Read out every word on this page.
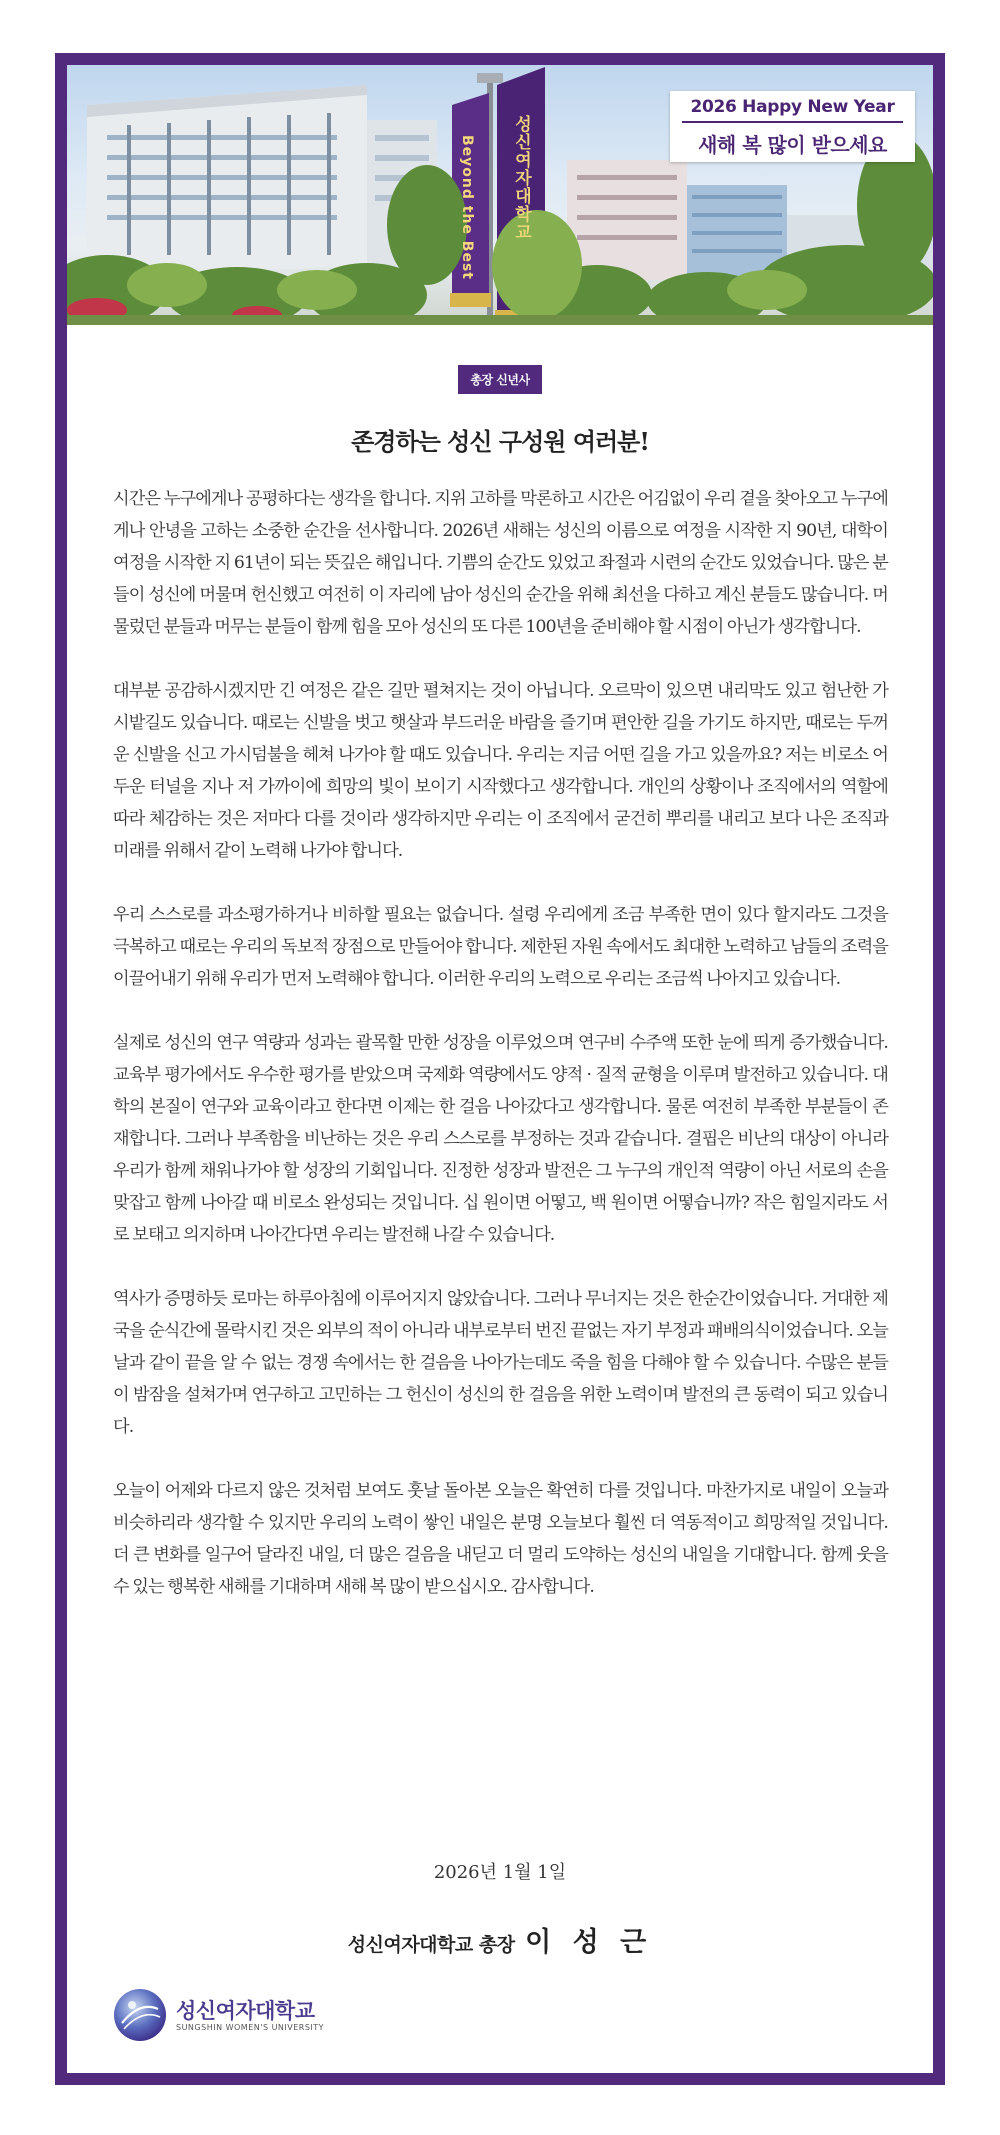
Beyond the Best 성신여자대학교
2026 Happy New Year
새해 복 많이 받으세요
총장 신년사
존경하는 성신 구성원 여러분!

시간은 누구에게나 공평하다는 생각을 합니다. 지위 고하를 막론하고 시간은 어김없이 우리 곁을 찾아오고 누구에게나 안녕을 고하는 소중한 순간을 선사합니다. 2026년 새해는 성신의 이름으로 여정을 시작한 지 90년, 대학이 여정을 시작한 지 61년이 되는 뜻깊은 해입니다. 기쁨의 순간도 있었고 좌절과 시련의 순간도 있었습니다. 많은 분들이 성신에 머물며 헌신했고 여전히 이 자리에 남아 성신의 순간을 위해 최선을 다하고 계신 분들도 많습니다. 머물렀던 분들과 머무는 분들이 함께 힘을 모아 성신의 또 다른 100년을 준비해야 할 시점이 아닌가 생각합니다.

대부분 공감하시겠지만 긴 여정은 같은 길만 펼쳐지는 것이 아닙니다. 오르막이 있으면 내리막도 있고 험난한 가시밭길도 있습니다. 때로는 신발을 벗고 햇살과 부드러운 바람을 즐기며 편안한 길을 가기도 하지만, 때로는 두꺼운 신발을 신고 가시덤불을 헤쳐 나가야 할 때도 있습니다. 우리는 지금 어떤 길을 가고 있을까요? 저는 비로소 어두운 터널을 지나 저 가까이에 희망의 빛이 보이기 시작했다고 생각합니다. 개인의 상황이나 조직에서의 역할에 따라 체감하는 것은 저마다 다를 것이라 생각하지만 우리는 이 조직에서 굳건히 뿌리를 내리고 보다 나은 조직과 미래를 위해서 같이 노력해 나가야 합니다.

우리 스스로를 과소평가하거나 비하할 필요는 없습니다. 설령 우리에게 조금 부족한 면이 있다 할지라도 그것을 극복하고 때로는 우리의 독보적 장점으로 만들어야 합니다. 제한된 자원 속에서도 최대한 노력하고 남들의 조력을 이끌어내기 위해 우리가 먼저 노력해야 합니다. 이러한 우리의 노력으로 우리는 조금씩 나아지고 있습니다.

실제로 성신의 연구 역량과 성과는 괄목할 만한 성장을 이루었으며 연구비 수주액 또한 눈에 띄게 증가했습니다. 교육부 평가에서도 우수한 평가를 받았으며 국제화 역량에서도 양적 · 질적 균형을 이루며 발전하고 있습니다. 대학의 본질이 연구와 교육이라고 한다면 이제는 한 걸음 나아갔다고 생각합니다. 물론 여전히 부족한 부분들이 존재합니다. 그러나 부족함을 비난하는 것은 우리 스스로를 부정하는 것과 같습니다. 결핍은 비난의 대상이 아니라 우리가 함께 채워나가야 할 성장의 기회입니다. 진정한 성장과 발전은 그 누구의 개인적 역량이 아닌 서로의 손을 맞잡고 함께 나아갈 때 비로소 완성되는 것입니다. 십 원이면 어떻고, 백 원이면 어떻습니까? 작은 힘일지라도 서로 보태고 의지하며 나아간다면 우리는 발전해 나갈 수 있습니다.

역사가 증명하듯 로마는 하루아침에 이루어지지 않았습니다. 그러나 무너지는 것은 한순간이었습니다. 거대한 제국을 순식간에 몰락시킨 것은 외부의 적이 아니라 내부로부터 번진 끝없는 자기 부정과 패배의식이었습니다. 오늘날과 같이 끝을 알 수 없는 경쟁 속에서는 한 걸음을 나아가는데도 죽을 힘을 다해야 할 수 있습니다. 수많은 분들이 밤잠을 설쳐가며 연구하고 고민하는 그 헌신이 성신의 한 걸음을 위한 노력이며 발전의 큰 동력이 되고 있습니다.

오늘이 어제와 다르지 않은 것처럼 보여도 훗날 돌아본 오늘은 확연히 다를 것입니다. 마찬가지로 내일이 오늘과 비슷하리라 생각할 수 있지만 우리의 노력이 쌓인 내일은 분명 오늘보다 훨씬 더 역동적이고 희망적일 것입니다. 더 큰 변화를 일구어 달라진 내일, 더 많은 걸음을 내딛고 더 멀리 도약하는 성신의 내일을 기대합니다. 함께 웃을 수 있는 행복한 새해를 기대하며 새해 복 많이 받으십시오. 감사합니다.

2026년 1월 1일
성신여자대학교 총장 이 성 근
성신여자대학교
SUNGSHIN WOMEN'S UNIVERSITY
